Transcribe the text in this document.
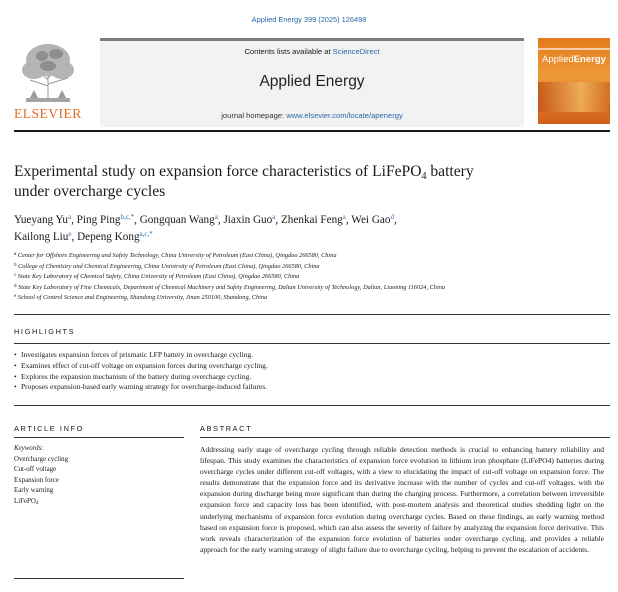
Applied Energy 399 (2025) 126498
ELSEVIER
Contents lists available at ScienceDirect
Applied Energy
journal homepage: www.elsevier.com/locate/apenergy
AppliedEnergy
Experimental study on expansion force characteristics of LiFePO$_4$ battery
under overcharge cycles
Yueyang Yu$^a$, Ping Ping$^{b,c,*}$, Gongquan Wang$^a$, Jiaxin Guo$^a$, Zhenkai Feng$^a$, Wei Gao$^d$,
Kailong Liu$^e$, Depeng Kong$^{a,c,*}$
$^a$ Center for Offshore Engineering and Safety Technology, China University of Petroleum (East China), Qingdao 266580, China
$^b$ College of Chemistry and Chemical Engineering, China University of Petroleum (East China), Qingdao 266580, China
$^c$ State Key Laboratory of Chemical Safety, China University of Petroleum (East China), Qingdao 266580, China
$^d$ State Key Laboratory of Fine Chemicals, Department of Chemical Machinery and Safety Engineering, Dalian University of Technology, Dalian, Liaoning 116024, China
$^e$ School of Control Science and Engineering, Shandong University, Jinan 250100, Shandong, China
HIGHLIGHTS
• Investigates expansion forces of prismatic LFP battery in overcharge cycling.
• Examines effect of cut-off voltage on expansion forces during overcharge cycling.
• Explores the expansion mechanism of the battery during overcharge cycling.
• Proposes expansion-based early warning strategy for overcharge-induced failures.
ARTICLE INFO	ABSTRACT
Keywords:
Overcharge cycling
Cut-off voltage
Expansion force
Early warning
LiFePO$_4$
Addressing early stage of overcharge cycling through reliable detection methods is crucial to enhancing battery reliability and lifespan. This study examines the characteristics of expansion force evolution in lithium iron phosphate (LiFePO4) batteries during overcharge cycles under different cut-off voltages, with a view to elucidating the impact of cut-off voltage on expansion force. The results demonstrate that the expansion force and its derivative increase with the number of cycles and cut-off voltages, with the expansion during discharge being more significant than during the charging process. Furthermore, a correlation between irreversible expansion force and capacity loss has been identified, with post-mortem analysis and theoretical studies shedding light on the underlying mechanisms of expansion force evolution during overcharge cycles. Based on these findings, an early warning method based on expansion force is proposed, which can also assess the severity of failure by analyzing the expansion force derivative. This work reveals characterization of the expansion force evolution of batteries under overcharge cycling, and provides a reliable approach for the early warning strategy of slight failure due to overcharge cycling, helping to prevent the escalation of accidents.
